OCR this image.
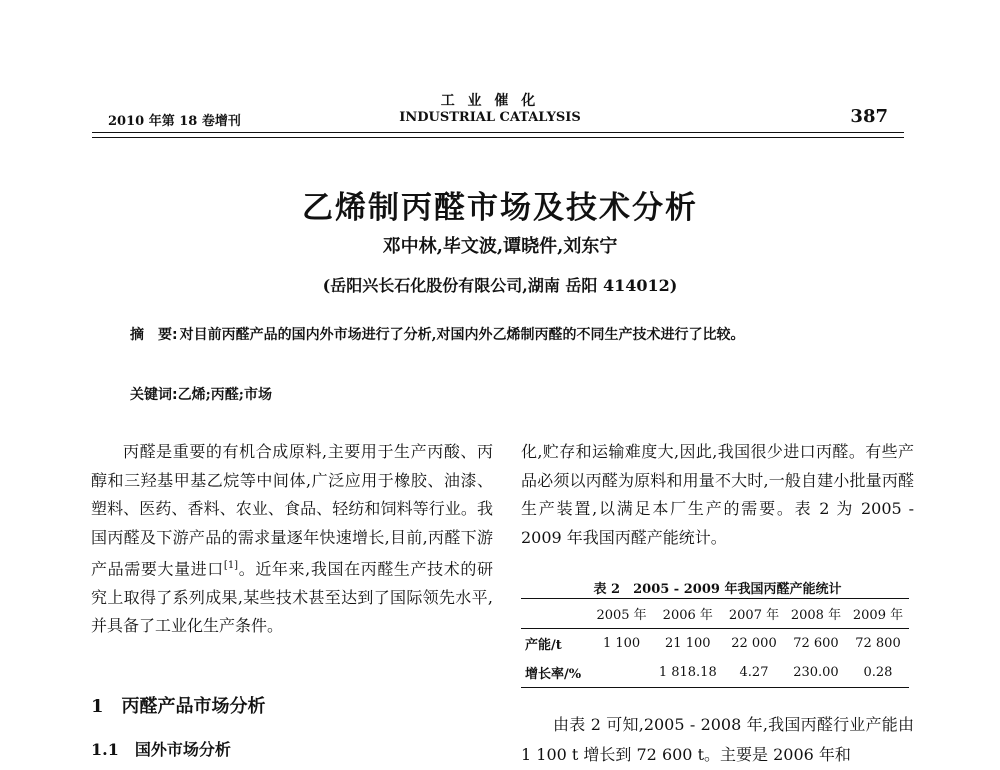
2010 年第 18 卷增刊
工 业 催 化
INDUSTRIAL CATALYSIS	387
乙烯制丙醛市场及技术分析
邓中林,毕文波,谭晓件,刘东宁
(岳阳兴长石化股份有限公司,湖南 岳阳 414012)
摘　要: 对目前丙醛产品的国内外市场进行了分析,对国内外乙烯制丙醛的不同生产技术进行了比较。
关键词:乙烯;丙醛;市场

丙醛是重要的有机合成原料,主要用于生产丙酸、丙醇和三羟基甲基乙烷等中间体,广泛应用于橡胶、油漆、塑料、医药、香料、农业、食品、轻纺和饲料等行业。我国丙醛及下游产品的需求量逐年快速增长,目前,丙醛下游产品需要大量进口[1]。近年来,我国在丙醛生产技术的研究上取得了系列成果,某些技术甚至达到了国际领先水平,并具备了工业化生产条件。

1　丙醛产品市场分析
1.1　国外市场分析

化,贮存和运输难度大,因此,我国很少进口丙醛。有些产品必须以丙醛为原料和用量不大时,一般自建小批量丙醛生产装置,以满足本厂生产的需要。表 2 为 2005 - 2009 年我国丙醛产能统计。

表 2　2005 - 2009 年我国丙醛产能统计
	2005 年	2006 年	2007 年	2008 年	2009 年
产能/t	1 100	21 100	22 000	72 600	72 800
增长率/%		1 818.18	4.27	230.00	0.28

由表 2 可知,2005 - 2008 年,我国丙醛行业产能由 1 100 t 增长到 72 600 t。主要是 2006 年和
